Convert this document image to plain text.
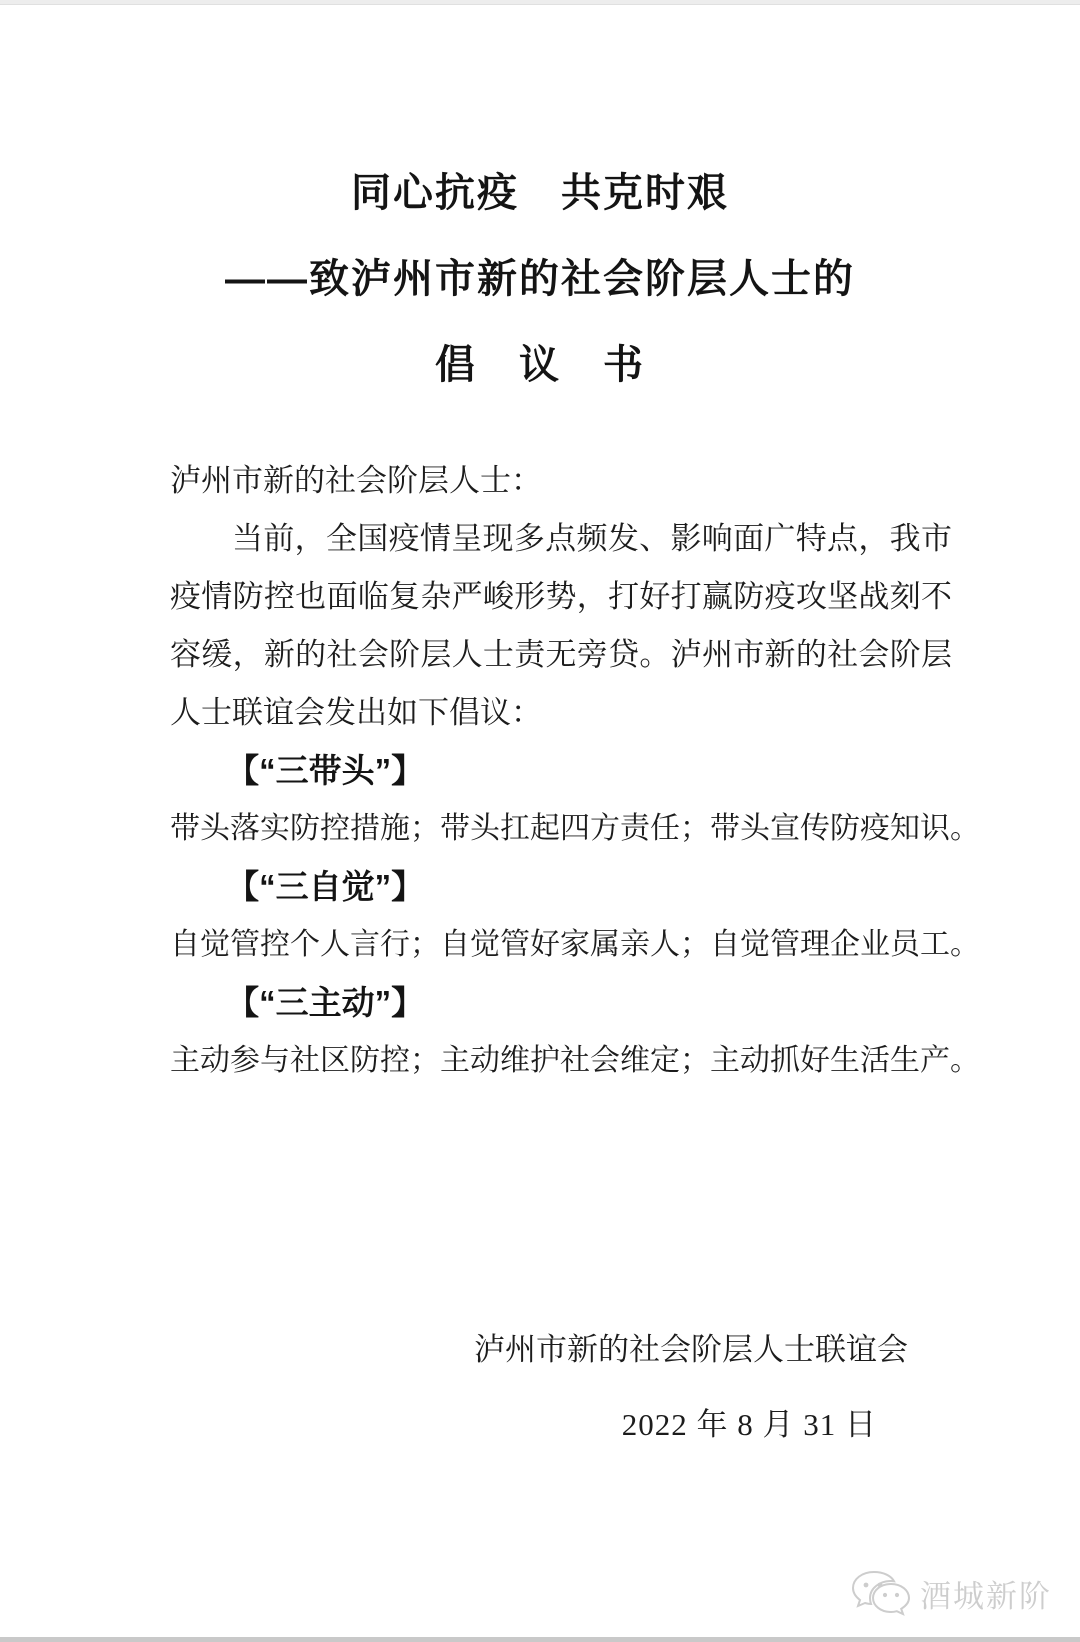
同心抗疫　共克时艰
——致泸州市新的社会阶层人士的
倡　议　书

泸州市新的社会阶层人士：

当前，全国疫情呈现多点频发、影响面广特点，我市疫情防控也面临复杂严峻形势，打好打赢防疫攻坚战刻不容缓，新的社会阶层人士责无旁贷。泸州市新的社会阶层人士联谊会发出如下倡议：

【“三带头”】

带头落实防控措施；带头扛起四方责任；带头宣传防疫知识。

【“三自觉”】

自觉管控个人言行；自觉管好家属亲人；自觉管理企业员工。

【“三主动”】

主动参与社区防控；主动维护社会维定；主动抓好生活生产。

泸州市新的社会阶层人士联谊会
2022 年 8 月 31 日
酒城新阶
